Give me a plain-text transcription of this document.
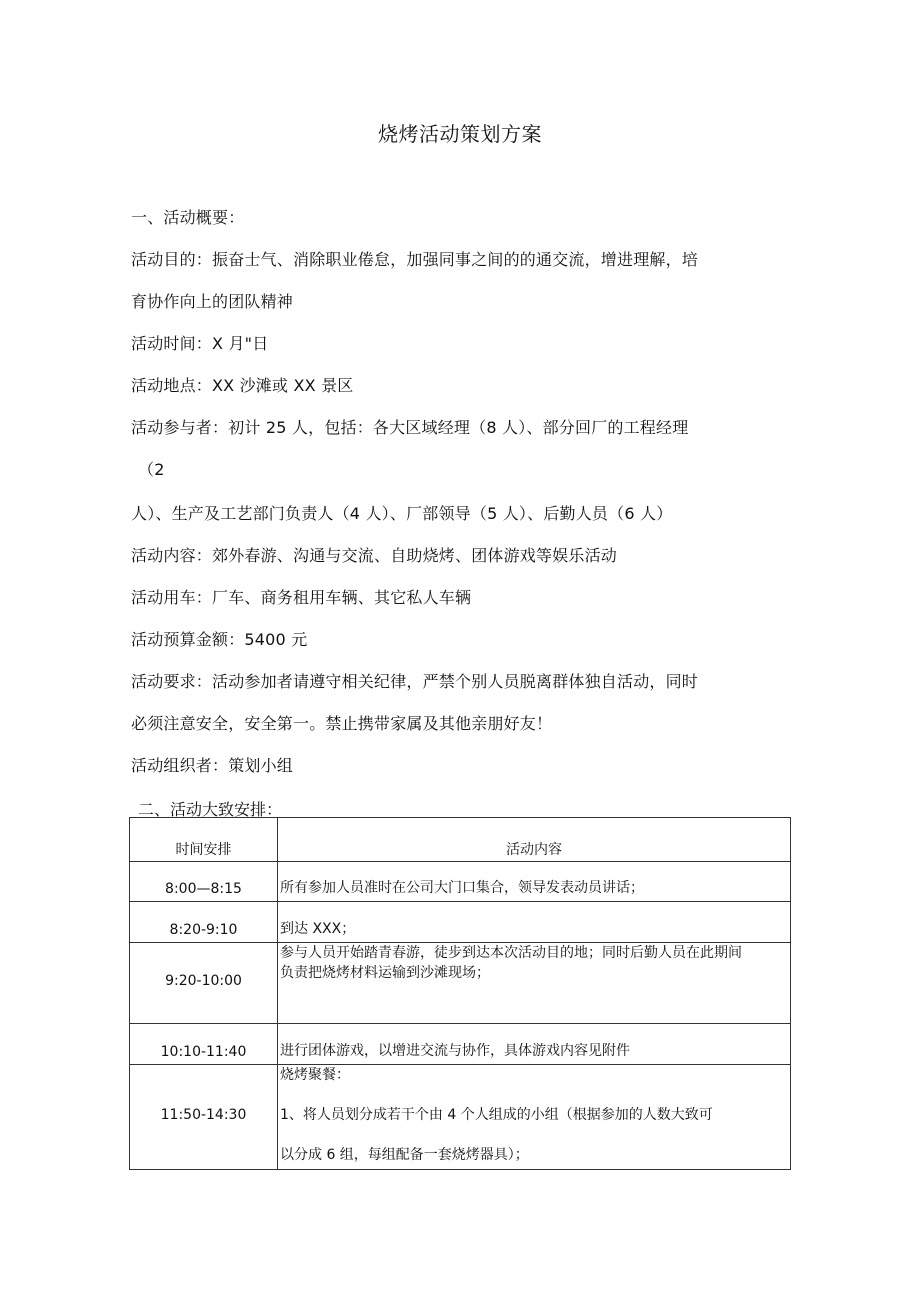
烧烤活动策划方案
一、活动概要：
活动目的：振奋士气、消除职业倦怠，加强同事之间的的通交流，增进理解，培
育协作向上的团队精神
活动时间：X 月"日
活动地点：XX 沙滩或 XX 景区
活动参与者：初计 25 人，包括：各大区域经理（8 人）、部分回厂的工程经理
（2
人）、生产及工艺部门负责人（4 人）、厂部领导（5 人）、后勤人员（6 人）
活动内容：郊外春游、沟通与交流、自助烧烤、团体游戏等娱乐活动
活动用车：厂车、商务租用车辆、其它私人车辆
活动预算金额：5400 元
活动要求：活动参加者请遵守相关纪律，严禁个别人员脱离群体独自活动，同时
必须注意安全，安全第一。禁止携带家属及其他亲朋好友！
活动组织者：策划小组
二、活动大致安排：
时间安排	活动内容
8:00—8:15	所有参加人员准时在公司大门口集合，领导发表动员讲话；
8:20-9:10	到达 XXX；
9:20-10:00	参与人员开始踏青春游，徒步到达本次活动目的地；同时后勤人员在此期间

负责把烧烤材料运输到沙滩现场；

10:10-11:40	进行团体游戏，以增进交流与协作，具体游戏内容见附件
11:50-14:30	烧烤聚餐：

1、将人员划分成若干个由 4 个人组成的小组（根据参加的人数大致可

以分成 6 组，每组配备一套烧烤器具）；
